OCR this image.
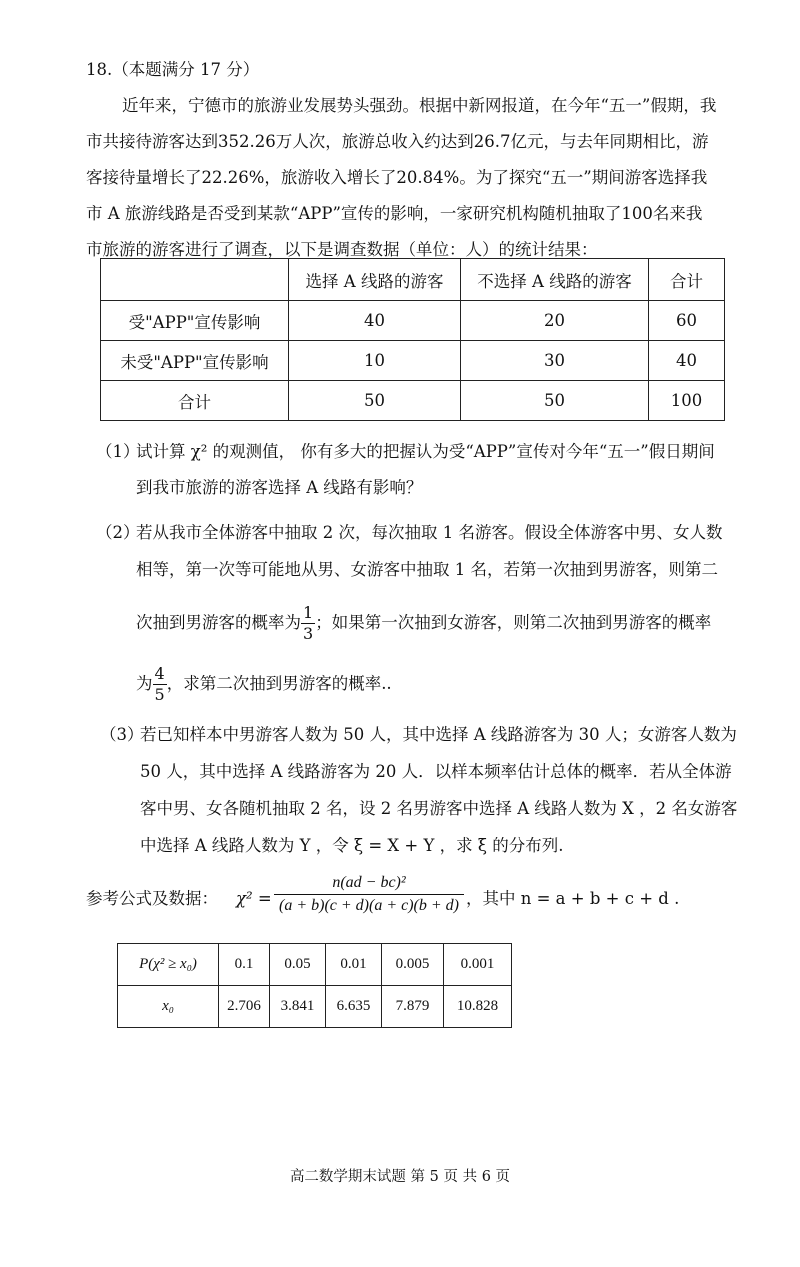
18.（本题满分 17 分）
近年来，宁德市的旅游业发展势头强劲。根据中新网报道，在今年“五一”假期，我
市共接待游客达到352.26万人次，旅游总收入约达到26.7亿元，与去年同期相比，游
客接待量增长了22.26%，旅游收入增长了20.84%。为了探究“五一”期间游客选择我
市 A 旅游线路是否受到某款“APP”宣传的影响，一家研究机构随机抽取了100名来我
市旅游的游客进行了调查，以下是调查数据（单位：人）的统计结果：
	选择 A 线路的游客	不选择 A 线路的游客	合计
受"APP"宣传影响	40	20	60
未受"APP"宣传影响	10	30	40
合计	50	50	100
（1）
试计算 χ² 的观测值， 你有多大的把握认为受“APP”宣传对今年“五一”假日期间
到我市旅游的游客选择 A 线路有影响？
（2）
若从我市全体游客中抽取 2 次，每次抽取 1 名游客。假设全体游客中男、女人数
相等，第一次等可能地从男、女游客中抽取 1 名，若第一次抽到男游客，则第二
次抽到男游客的概率为 $\frac{1}{3}$ ；如果第一次抽到女游客，则第二次抽到男游客的概率
为 $\frac{4}{5}$ ，求第二次抽到男游客的概率..
（3）
若已知样本中男游客人数为 50 人，其中选择 A 线路游客为 30 人；女游客人数为
50 人，其中选择 A 线路游客为 20 人．以样本频率估计总体的概率．若从全体游
客中男、女各随机抽取 2 名，设 2 名男游客中选择 A 线路人数为 X ，2 名女游客
中选择 A 线路人数为 Y ，令 ξ = X + Y ，求 ξ 的分布列.
参考公式及数据： $\chi^2 = \frac{\text{n(ad − bc)²}}{(a + b)(c + d)(a + c)(b + d)}$ ，其中 n = a + b + c + d .
P(χ² ≥ x₀)	0.1	0.05	0.01	0.005	0.001
x₀	2.706	3.841	6.635	7.879	10.828
高二数学期末试题 第 5 页 共 6 页
